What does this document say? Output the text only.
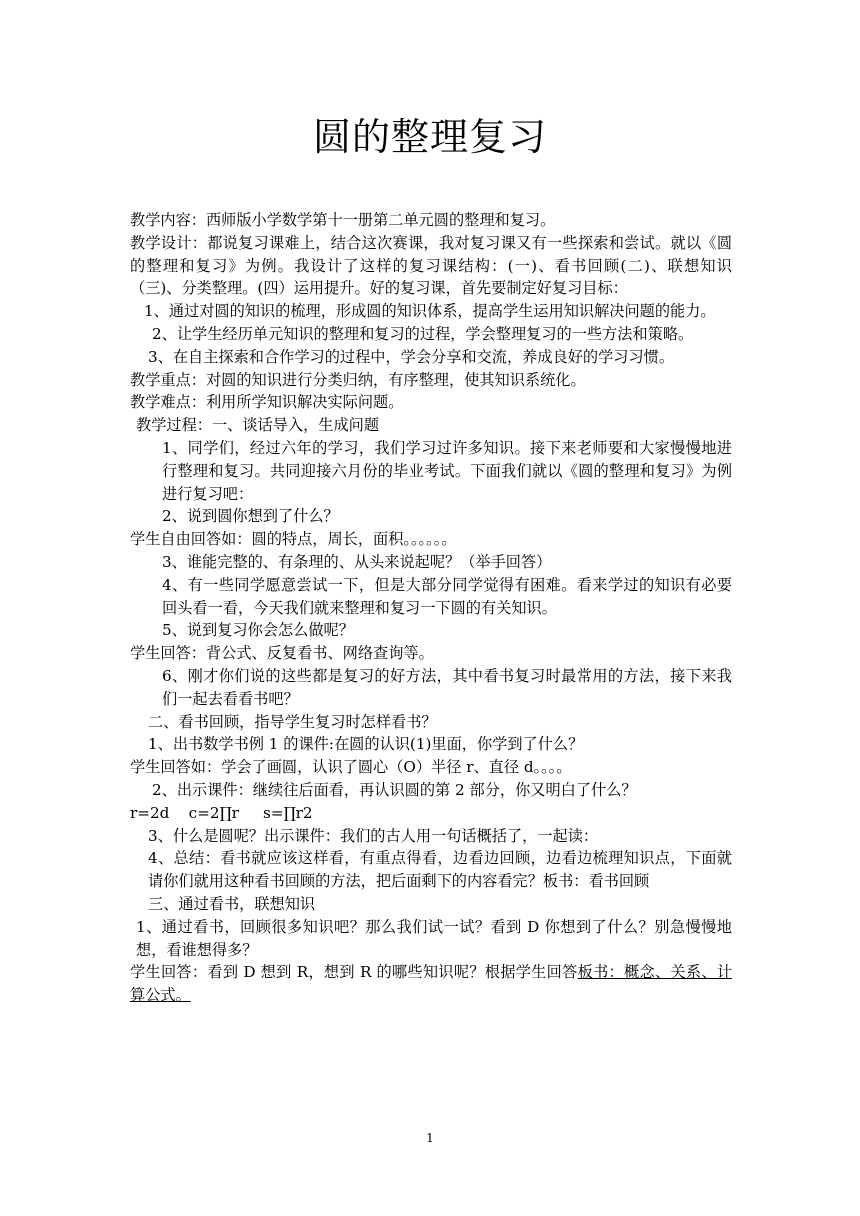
圆的整理复习

教学内容：西师版小学数学第十一册第二单元圆的整理和复习。

教学设计：都说复习课难上，结合这次赛课，我对复习课又有一些探索和尝试。就以《圆的整理和复习》为例。我设计了这样的复习课结构：(一)、看书回顾(二)、联想知识（三)、分类整理。(四）运用提升。好的复习课，首先要制定好复习目标：

1、通过对圆的知识的梳理，形成圆的知识体系，提高学生运用知识解决问题的能力。

2、让学生经历单元知识的整理和复习的过程，学会整理复习的一些方法和策略。

3、在自主探索和合作学习的过程中，学会分享和交流，养成良好的学习习惯。

教学重点：对圆的知识进行分类归纳，有序整理，使其知识系统化。

教学难点：利用所学知识解决实际问题。

教学过程：一、谈话导入，生成问题

1、同学们，经过六年的学习，我们学习过许多知识。接下来老师要和大家慢慢地进行整理和复习。共同迎接六月份的毕业考试。下面我们就以《圆的整理和复习》为例进行复习吧：

2、说到圆你想到了什么？

学生自由回答如：圆的特点，周长，面积。。。。。。

3、谁能完整的、有条理的、从头来说起呢？（举手回答）

4、有一些同学愿意尝试一下，但是大部分同学觉得有困难。看来学过的知识有必要回头看一看，今天我们就来整理和复习一下圆的有关知识。

5、说到复习你会怎么做呢？

学生回答：背公式、反复看书、网络查询等。

6、刚才你们说的这些都是复习的好方法，其中看书复习时最常用的方法，接下来我们一起去看看书吧？

二、看书回顾，指导学生复习时怎样看书？

1、出书数学书例 1 的课件:在圆的认识(1)里面，你学到了什么？

学生回答如：学会了画圆，认识了圆心（O）半径 r、直径 d。。。。

2、出示课件：继续往后面看，再认识圆的第 2 部分，你又明白了什么？

r=2d    c=2∏r     s=∏r2

3、什么是圆呢？出示课件：我们的古人用一句话概括了，一起读：

4、总结：看书就应该这样看，有重点得看，边看边回顾，边看边梳理知识点，下面就请你们就用这种看书回顾的方法，把后面剩下的内容看完？板书：看书回顾

三、通过看书，联想知识

1、通过看书，回顾很多知识吧？那么我们试一试？看到 D 你想到了什么？别急慢慢地想，看谁想得多？

学生回答：看到 D 想到 R，想到 R 的哪些知识呢？根据学生回答板书：概念、关系、计算公式。

1
